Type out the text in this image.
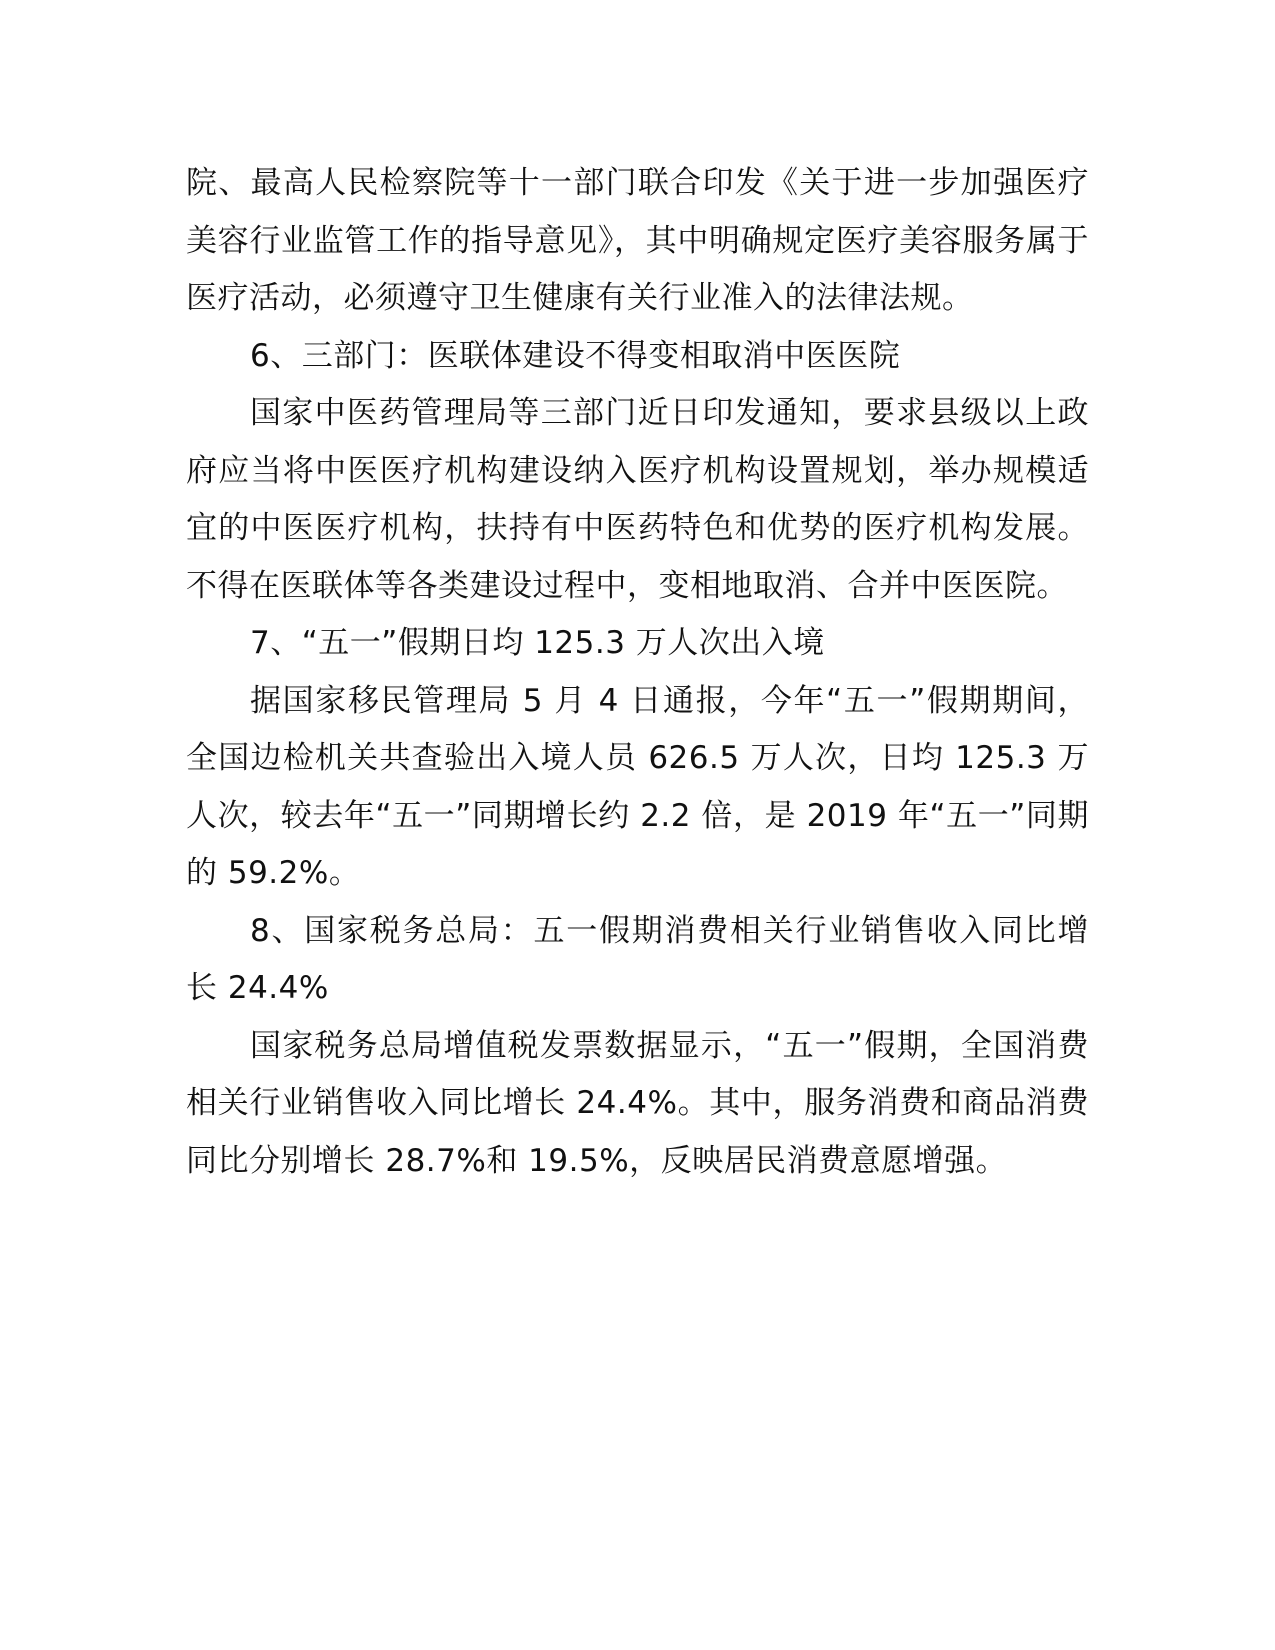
院、最高人民检察院等十一部门联合印发《关于进一步加强医疗美容行业监管工作的指导意见》，其中明确规定医疗美容服务属于医疗活动，必须遵守卫生健康有关行业准入的法律法规。

6、三部门：医联体建设不得变相取消中医医院

国家中医药管理局等三部门近日印发通知，要求县级以上政府应当将中医医疗机构建设纳入医疗机构设置规划，举办规模适宜的中医医疗机构，扶持有中医药特色和优势的医疗机构发展。不得在医联体等各类建设过程中，变相地取消、合并中医医院。

7、“五一”假期日均 125.3 万人次出入境

据国家移民管理局 5 月 4 日通报，今年“五一”假期期间，全国边检机关共查验出入境人员 626.5 万人次，日均 125.3 万人次，较去年“五一”同期增长约 2.2 倍，是 2019 年“五一”同期的 59.2%。

8、国家税务总局：五一假期消费相关行业销售收入同比增长 24.4%

国家税务总局增值税发票数据显示，“五一”假期，全国消费相关行业销售收入同比增长 24.4%。其中，服务消费和商品消费同比分别增长 28.7%和 19.5%，反映居民消费意愿增强。
